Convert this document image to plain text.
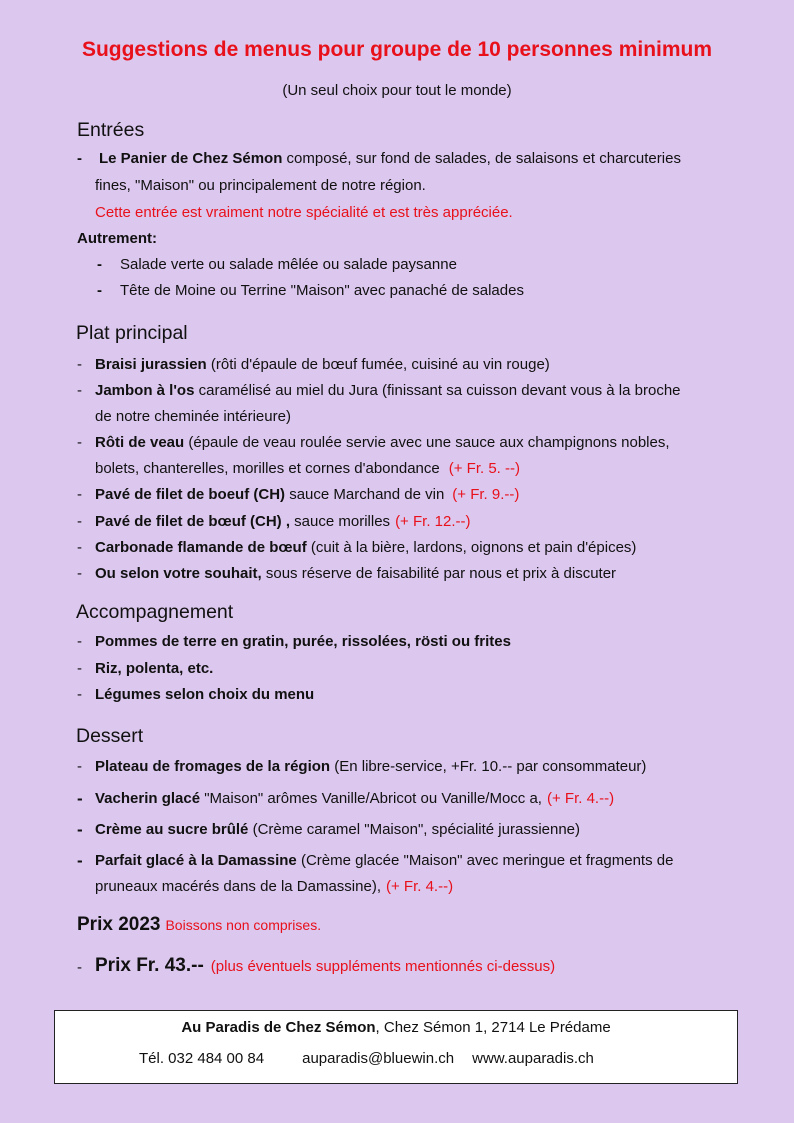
Suggestions de menus pour groupe de 10 personnes minimum
(Un seul choix pour tout le monde)
Entrées
- Le Panier de Chez Sémon composé, sur fond de salades, de salaisons et charcuteries
fines, "Maison" ou principalement de notre région.
Cette entrée est vraiment notre spécialité et est très appréciée.
Autrement:
- Salade verte ou salade mêlée ou salade paysanne
- Tête de Moine ou Terrine "Maison" avec panaché de salades
Plat principal
- Braisi jurassien (rôti d'épaule de bœuf fumée, cuisiné au vin rouge)
- Jambon à l'os caramélisé au miel du Jura (finissant sa cuisson devant vous à la broche
de notre cheminée intérieure)
- Rôti de veau (épaule de veau roulée servie avec une sauce aux champignons nobles,
bolets, chanterelles, morilles et cornes d'abondance (+ Fr. 5. --)
- Pavé de filet de boeuf (CH) sauce Marchand de vin (+ Fr. 9.--)
- Pavé de filet de bœuf (CH) , sauce morilles (+ Fr. 12.--)
- Carbonade flamande de bœuf (cuit à la bière, lardons, oignons et pain d'épices)
- Ou selon votre souhait, sous réserve de faisabilité par nous et prix à discuter
Accompagnement
- Pommes de terre en gratin, purée, rissolées, rösti ou frites
- Riz, polenta, etc.
- Légumes selon choix du menu
Dessert
- Plateau de fromages de la région (En libre-service, +Fr. 10.-- par consommateur)
- Vacherin glacé "Maison" arômes Vanille/Abricot ou Vanille/Mocc a, (+ Fr. 4.--)
- Crème au sucre brûlé (Crème caramel "Maison", spécialité jurassienne)
- Parfait glacé à la Damassine (Crème glacée "Maison" avec meringue et fragments de
pruneaux macérés dans de la Damassine), (+ Fr. 4.--)
Prix 2023 Boissons non comprises.
- Prix Fr. 43.-- (plus éventuels suppléments mentionnés ci-dessus)
Au Paradis de Chez Sémon, Chez Sémon 1, 2714 Le Prédame
Tél. 032 484 00 84	auparadis@bluewin.ch www.auparadis.ch
